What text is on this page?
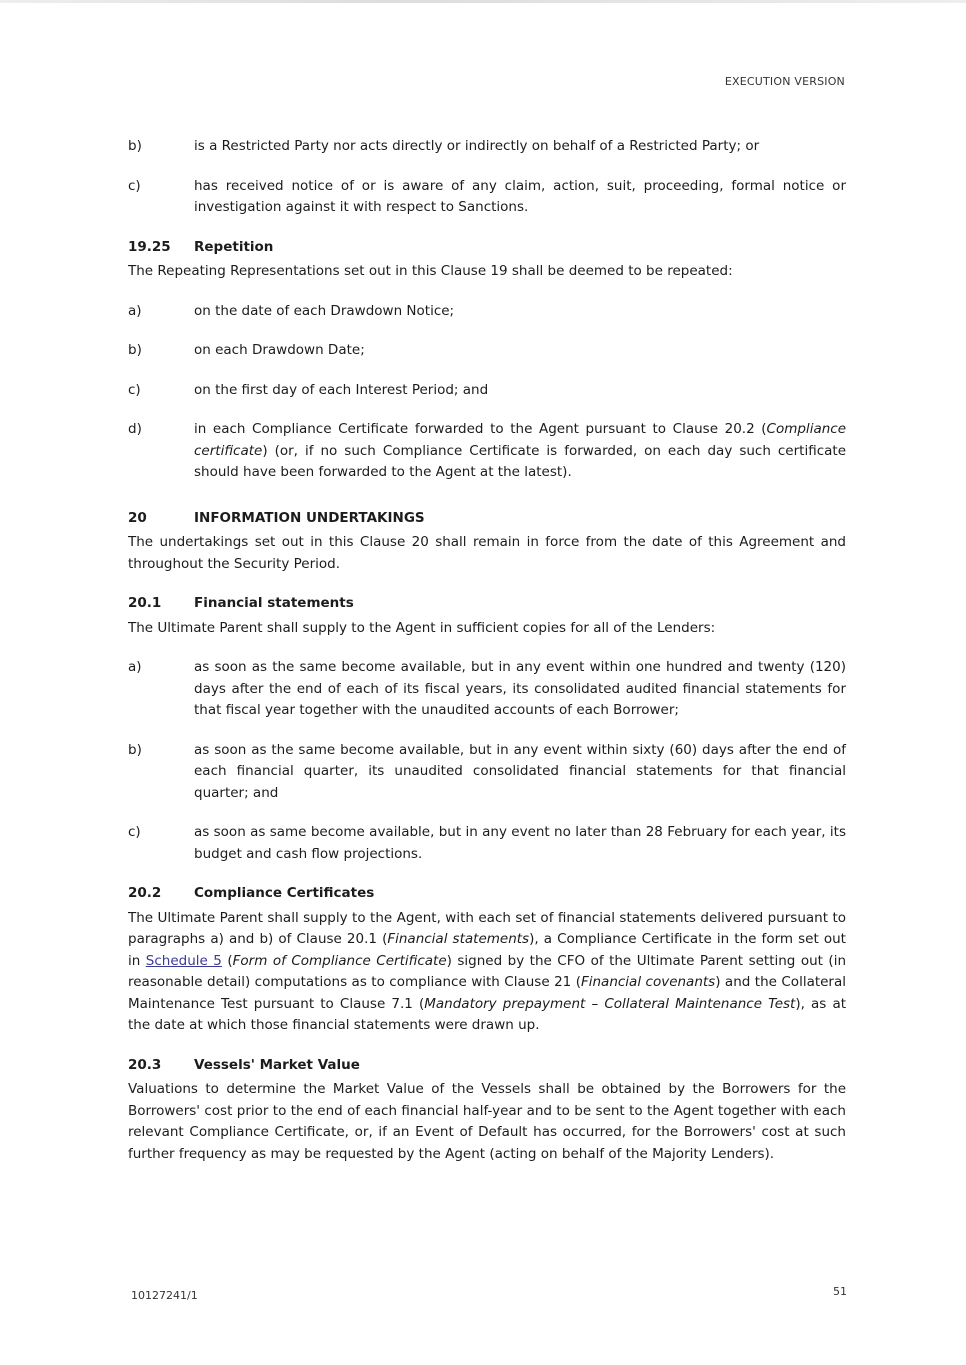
EXECUTION VERSION
b)	is a Restricted Party nor acts directly or indirectly on behalf of a Restricted Party; or
c)	has received notice of or is aware of any claim, action, suit, proceeding, formal notice or investigation against it with respect to Sanctions.
19.25	Repetition
The Repeating Representations set out in this Clause 19 shall be deemed to be repeated:
a)	on the date of each Drawdown Notice;
b)	on each Drawdown Date;
c)	on the first day of each Interest Period; and
d)	in each Compliance Certificate forwarded to the Agent pursuant to Clause 20.2 (Compliance certificate) (or, if no such Compliance Certificate is forwarded, on each day such certificate should have been forwarded to the Agent at the latest).
20	INFORMATION UNDERTAKINGS
The undertakings set out in this Clause 20 shall remain in force from the date of this Agreement and throughout the Security Period.
20.1	Financial statements
The Ultimate Parent shall supply to the Agent in sufficient copies for all of the Lenders:
a)	as soon as the same become available, but in any event within one hundred and twenty (120) days after the end of each of its fiscal years, its consolidated audited financial statements for that fiscal year together with the unaudited accounts of each Borrower;
b)	as soon as the same become available, but in any event within sixty (60) days after the end of each financial quarter, its unaudited consolidated financial statements for that financial quarter; and
c)	as soon as same become available, but in any event no later than 28 February for each year, its budget and cash flow projections.
20.2	Compliance Certificates
The Ultimate Parent shall supply to the Agent, with each set of financial statements delivered pursuant to paragraphs a) and b) of Clause 20.1 (Financial statements), a Compliance Certificate in the form set out in Schedule 5 (Form of Compliance Certificate) signed by the CFO of the Ultimate Parent setting out (in reasonable detail) computations as to compliance with Clause 21 (Financial covenants) and the Collateral Maintenance Test pursuant to Clause 7.1 (Mandatory prepayment – Collateral Maintenance Test), as at the date at which those financial statements were drawn up.
20.3	Vessels' Market Value
Valuations to determine the Market Value of the Vessels shall be obtained by the Borrowers for the Borrowers' cost prior to the end of each financial half-year and to be sent to the Agent together with each relevant Compliance Certificate, or, if an Event of Default has occurred, for the Borrowers' cost at such further frequency as may be requested by the Agent (acting on behalf of the Majority Lenders).
10127241/1	51
